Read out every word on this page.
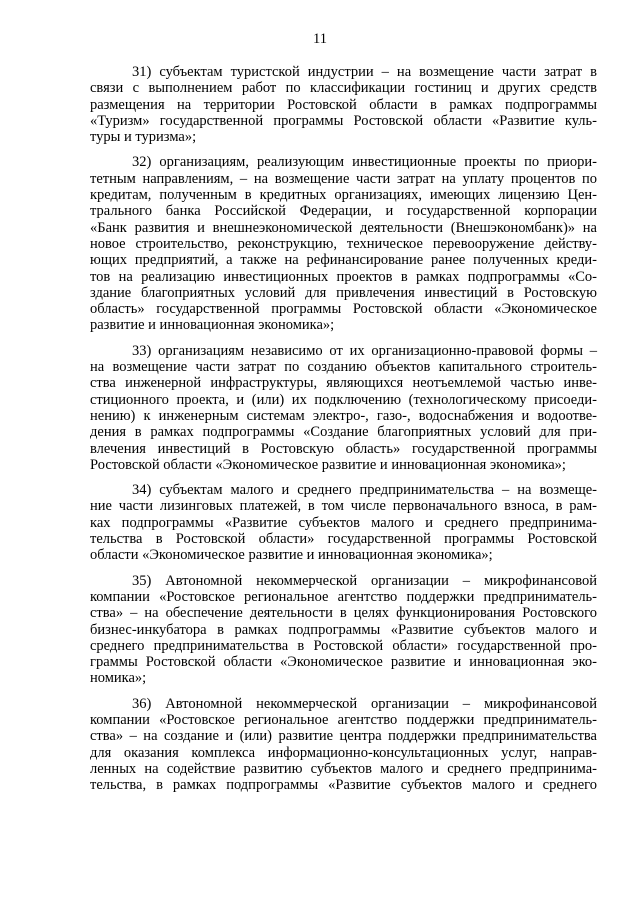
11

31) субъектам туристской индустрии – на возмещение части затрат в
связи с выполнением работ по классификации гостиниц и других средств
размещения на территории Ростовской области в рамках подпрограммы
«Туризм» государственной программы Ростовской области «Развитие куль-
туры и туризма»;

32) организациям, реализующим инвестиционные проекты по приори-
тетным направлениям, – на возмещение части затрат на уплату процентов по
кредитам, полученным в кредитных организациях, имеющих лицензию Цен-
трального банка Российской Федерации, и государственной корпорации
«Банк развития и внешнеэкономической деятельности (Внешэкономбанк)» на
новое строительство, реконструкцию, техническое перевооружение действу-
ющих предприятий, а также на рефинансирование ранее полученных креди-
тов на реализацию инвестиционных проектов в рамках подпрограммы «Со-
здание благоприятных условий для привлечения инвестиций в Ростовскую
область» государственной программы Ростовской области «Экономическое
развитие и инновационная экономика»;

33) организациям независимо от их организационно-правовой формы –
на возмещение части затрат по созданию объектов капитального строитель-
ства инженерной инфраструктуры, являющихся неотъемлемой частью инве-
стиционного проекта, и (или) их подключению (технологическому присоеди-
нению) к инженерным системам электро-, газо-, водоснабжения и водоотве-
дения в рамках подпрограммы «Создание благоприятных условий для при-
влечения инвестиций в Ростовскую область» государственной программы
Ростовской области «Экономическое развитие и инновационная экономика»;

34) субъектам малого и среднего предпринимательства – на возмеще-
ние части лизинговых платежей, в том числе первоначального взноса, в рам-
ках подпрограммы «Развитие субъектов малого и среднего предпринима-
тельства в Ростовской области» государственной программы Ростовской
области «Экономическое развитие и инновационная экономика»;

35) Автономной некоммерческой организации – микрофинансовой
компании «Ростовское региональное агентство поддержки предприниматель-
ства» – на обеспечение деятельности в целях функционирования Ростовского
бизнес-инкубатора в рамках подпрограммы «Развитие субъектов малого и
среднего предпринимательства в Ростовской области» государственной про-
граммы Ростовской области «Экономическое развитие и инновационная эко-
номика»;

36) Автономной некоммерческой организации – микрофинансовой
компании «Ростовское региональное агентство поддержки предприниматель-
ства» – на создание и (или) развитие центра поддержки предпринимательства
для оказания комплекса информационно-консультационных услуг, направ-
ленных на содействие развитию субъектов малого и среднего предпринима-
тельства, в рамках подпрограммы «Развитие субъектов малого и среднего
